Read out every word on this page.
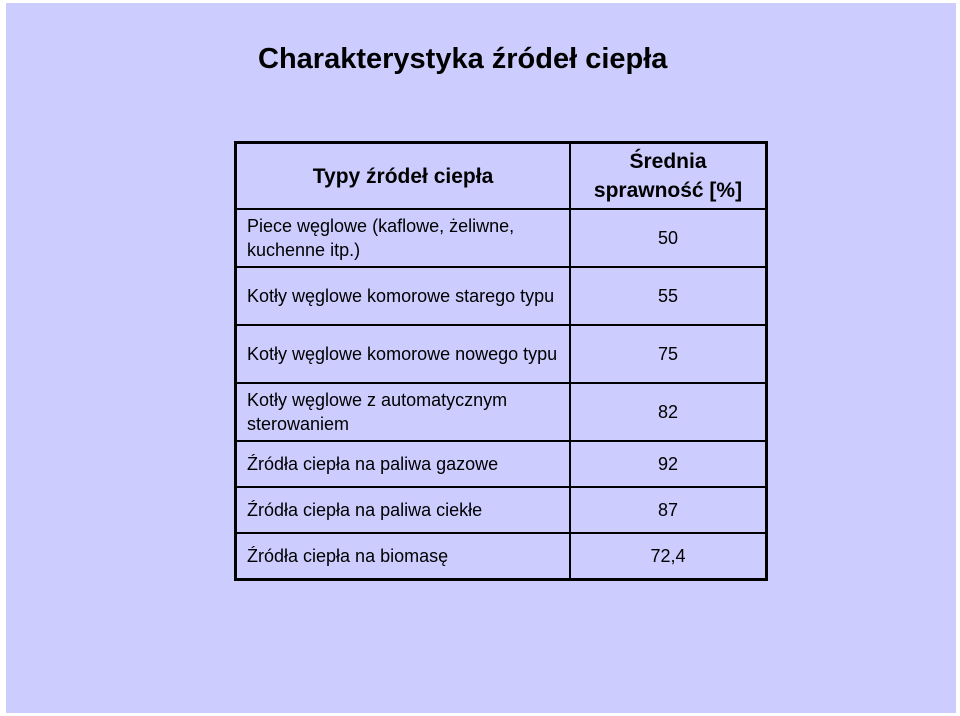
Charakterystyka źródeł ciepła
Typy źródeł ciepła	Średnia
sprawność [%]
Piece węglowe (kaflowe, żeliwne, kuchenne itp.)	50
Kotły węglowe komorowe starego typu	55
Kotły węglowe komorowe nowego typu	75
Kotły węglowe z automatycznym sterowaniem	82
Źródła ciepła na paliwa gazowe	92
Źródła ciepła na paliwa ciekłe	87
Źródła ciepła na biomasę	72,4
